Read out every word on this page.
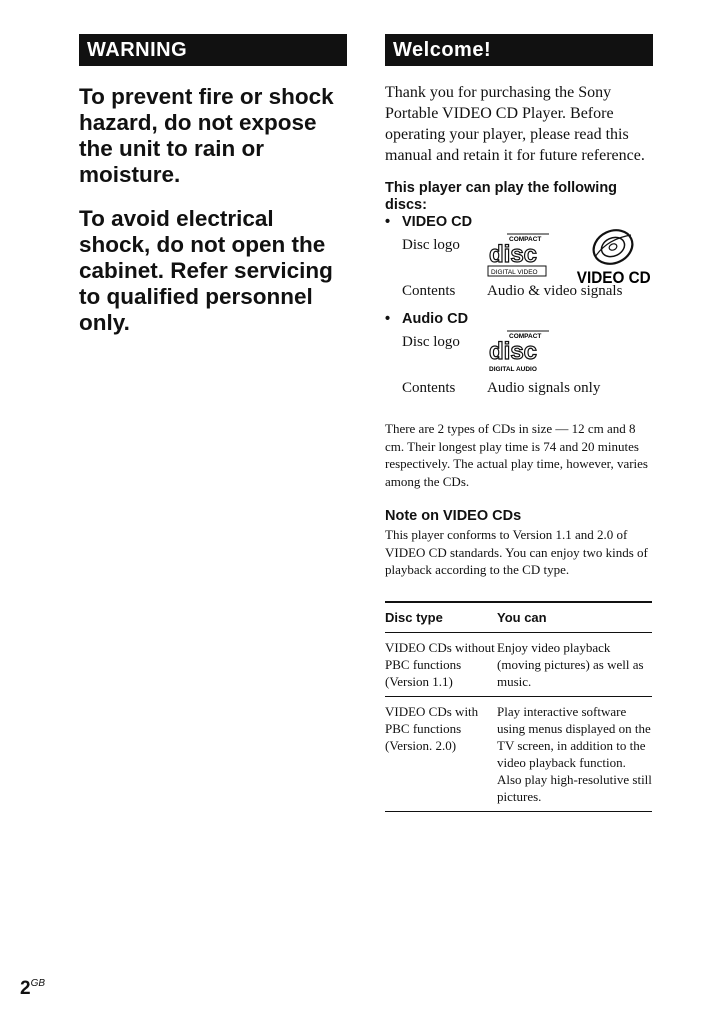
WARNING

To prevent fire or shock hazard, do not expose the unit to rain or moisture.

To avoid electrical shock, do not open the cabinet. Refer servicing to qualified personnel only.

Welcome!

Thank you for purchasing the Sony Portable VIDEO CD Player. Before operating your player, please read this manual and retain it for future reference.

This player can play the following discs:

• VIDEO CD
Disc logo	COMPACT
disc
DIGITAL VIDEO VIDEO CD
Contents Audio & video signals
• Audio CD
Disc logo	COMPACT
disc
DIGITAL AUDIO
Contents Audio signals only

There are 2 types of CDs in size — 12 cm and 8 cm. Their longest play time is 74 and 20 minutes respectively. The actual play time, however, varies among the CDs.

Note on VIDEO CDs

This player conforms to Version 1.1 and 2.0 of VIDEO CD standards. You can enjoy two kinds of playback according to the CD type.

Disc type	You can
VIDEO CDs without PBC functions (Version 1.1)	Enjoy video playback (moving pictures) as well as music.
VIDEO CDs with PBC functions (Version. 2.0)	Play interactive software using menus displayed on the TV screen, in addition to the video playback function. Also play high-resolutive still pictures.
$2^{GB}$
